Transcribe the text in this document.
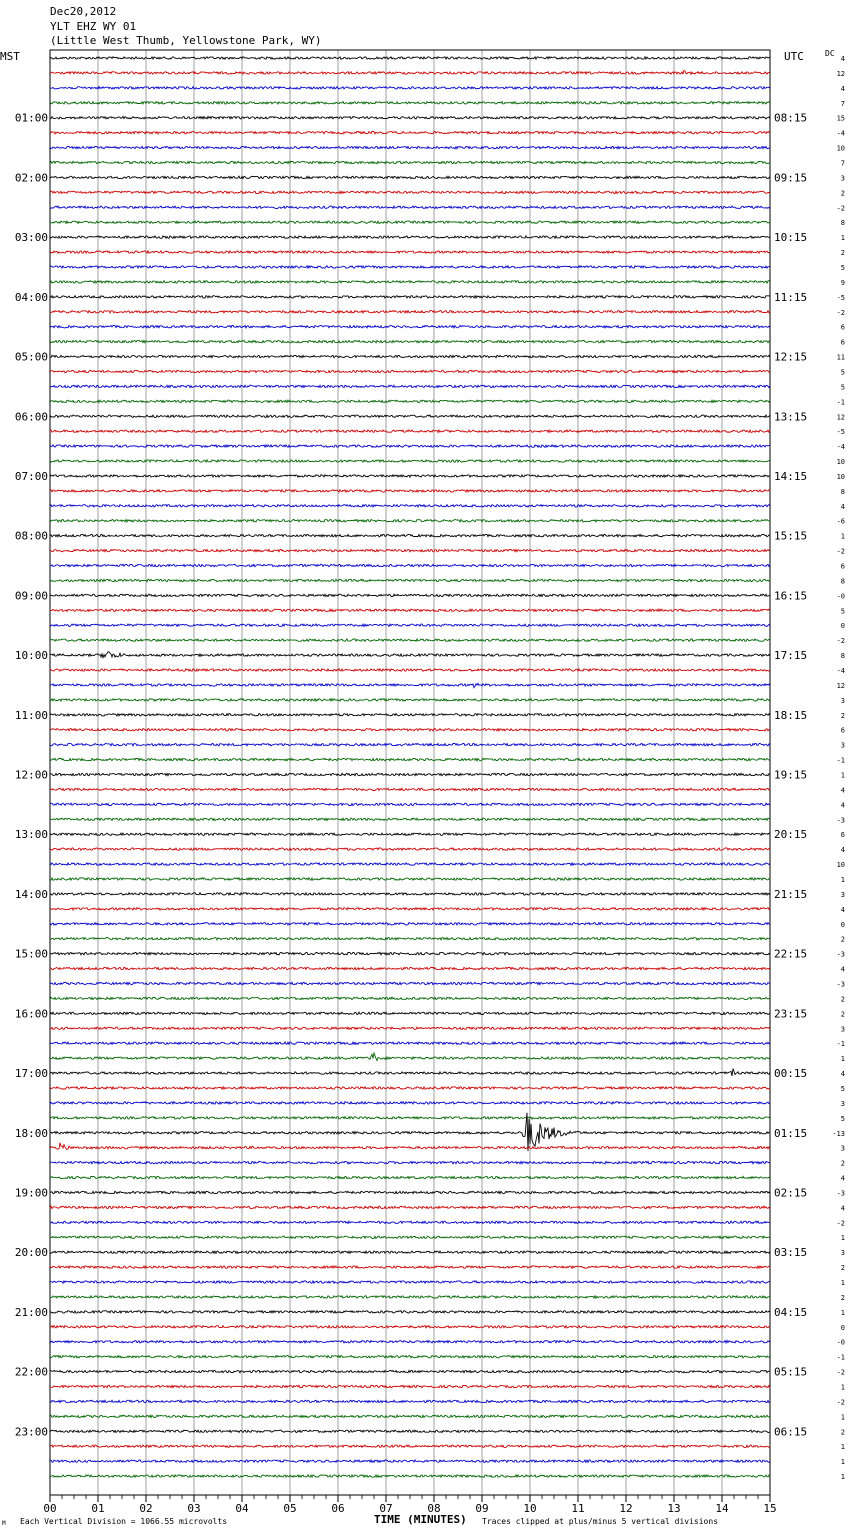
Dec20,2012
YLT EHZ WY 01
(Little West Thumb, Yellowstone Park, WY)
MST	UTC	DC
01:00
02:00
03:00
04:00
05:00
06:00
07:00
08:00
09:00
10:00
11:00
12:00
13:00
14:00
15:00
16:00
17:00
18:00
19:00
20:00
21:00
22:00
23:00
08:15
09:15
10:15
11:15
12:15
13:15
14:15
15:15
16:15
17:15
18:15
19:15
20:15
21:15
22:15
23:15
00:15
01:15
02:15
03:15
04:15
05:15
06:15
4
12
4
7
15
-4
10
7
3
2
-2
8
1
2
5
9
-5
-2
6
6
11
5
5
-1
12
-5
-4
10
10
8
4
-6
1
-2
6
8
-0
5
0
-2
8
-4
12
3
2
6
3
-1
1
4
4
-3
6
4
10
1
3
4
0
2
-3
4
-3
2
2
3
-1
1
4
5
3
5
-13
3
2
4
-3
4
-2
1
3
2
1
2
1
0
-0
-1
-2
1
-2
1
2
1
1
1
00	01	02	03	04	05	06	07	08	09	10	11	12	13	14	15
TIME (MINUTES)
Each Vertical Division = 1066.55 microvolts	Traces clipped at plus/minus 5 vertical divisions
M
